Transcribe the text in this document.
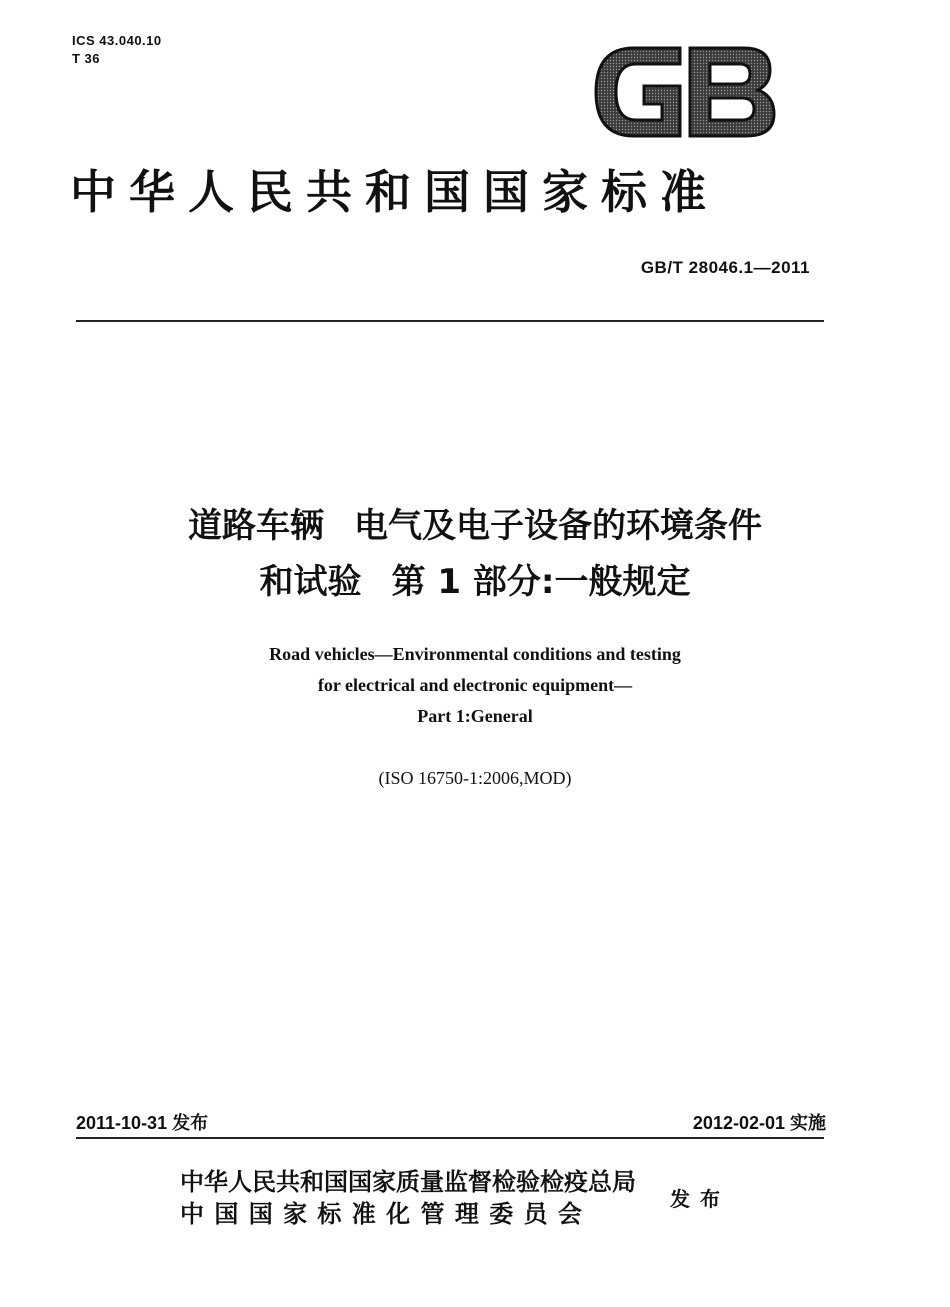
ICS 43.040.10
T 36
中华人民共和国国家标准
GB/T 28046.1—2011
道路车辆 电气及电子设备的环境条件
和试验 第 1 部分:一般规定
Road vehicles—Environmental conditions and testing
for electrical and electronic equipment—
Part 1:General
(ISO 16750-1:2006,MOD)
2011-10-31 发布	2012-02-01 实施
中华人民共和国国家质量监督检验检疫总局
中 国 国 家 标 准 化 管 理 委 员 会	发布
